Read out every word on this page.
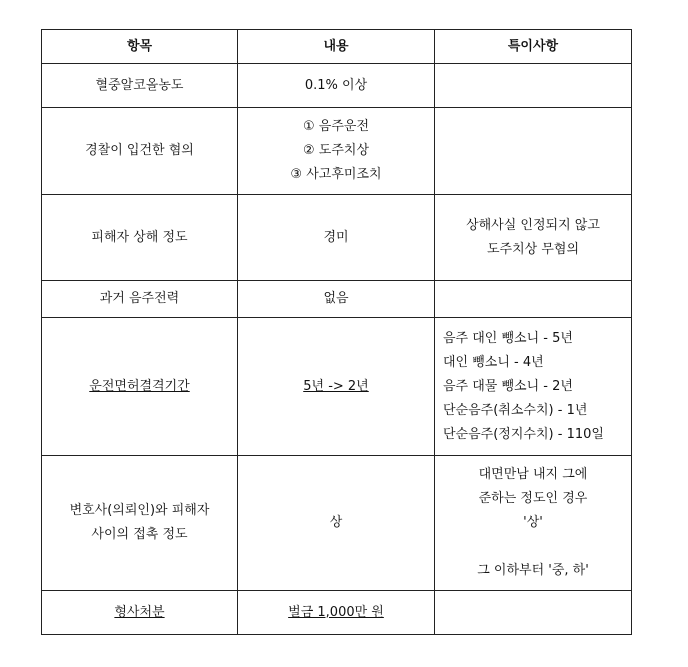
항목	내용	특이사항
혈중알코올농도	0.1% 이상	
경찰이 입건한 혐의	① 음주운전
② 도주치상
③ 사고후미조치	

피해자 상해 정도	경미	상해사실 인정되지 않고
도주치상 무혐의

과거 음주전력	없음	
운전면허결격기간	5년 -> 2년	음주 대인 뺑소니 - 5년
대인 뺑소니 - 4년
음주 대물 뺑소니 - 2년
단순음주(취소수치) - 1년
단순음주(정지수치) - 110일

변호사(의뢰인)와 피해자
사이의 접촉 정도	상	대면만남 내지 그에
준하는 정도인 경우
'상'
그 이하부터 '중, 하'

형사처분	벌금 1,000만 원	
